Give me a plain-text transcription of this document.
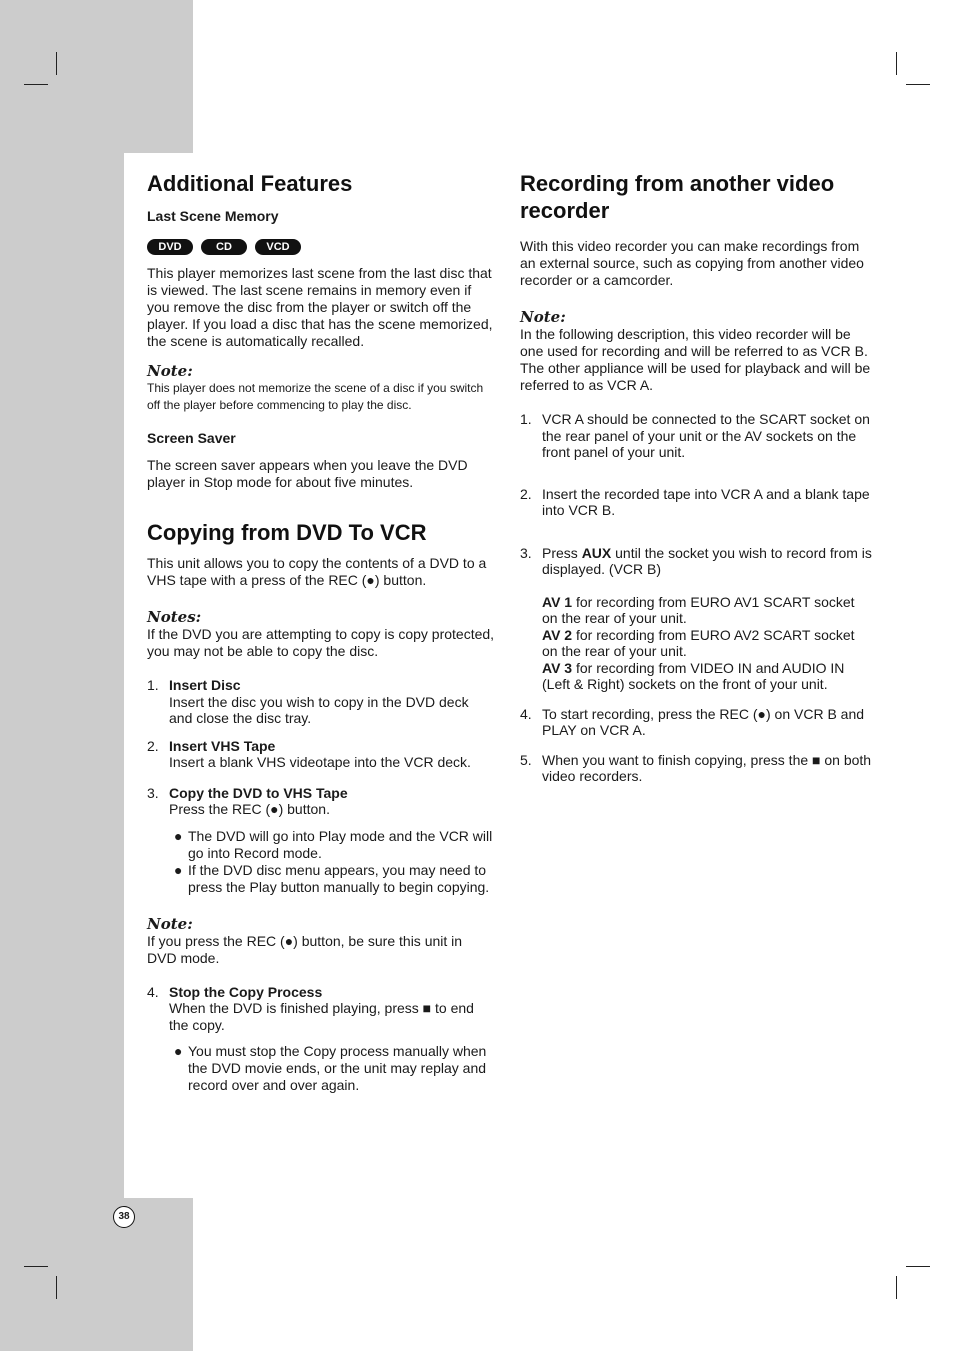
Additional Features
Last Scene Memory
DVD	CD	VCD

This player memorizes last scene from the last disc that is viewed. The last scene remains in memory even if you remove the disc from the player or switch off the player. If you load a disc that has the scene memorized, the scene is automatically recalled.

Note:

This player does not memorize the scene of a disc if you switch off the player before commencing to play the disc.

Screen Saver

The screen saver appears when you leave the DVD player in Stop mode for about five minutes.

Copying from DVD To VCR

This unit allows you to copy the contents of a DVD to a VHS tape with a press of the REC (●) button.

Notes:

If the DVD you are attempting to copy is copy protected, you may not be able to copy the disc.

1. Insert Disc
Insert the disc you wish to copy in the DVD deck and close the disc tray.
2. Insert VHS Tape
Insert a blank VHS videotape into the VCR deck.
3. Copy the DVD to VHS Tape
Press the REC (●) button.
● The DVD will go into Play mode and the VCR will go into Record mode.
● If the DVD disc menu appears, you may need to press the Play button manually to begin copying.
Note:

If you press the REC (●) button, be sure this unit in DVD mode.

4. Stop the Copy Process
When the DVD is finished playing, press ■ to end the copy.
● You must stop the Copy process manually when the DVD movie ends, or the unit may replay and record over and over again.
Recording from another video recorder

With this video recorder you can make recordings from an external source, such as copying from another video recorder or a camcorder.

Note:

In the following description, this video recorder will be one used for recording and will be referred to as VCR B. The other appliance will be used for playback and will be referred to as VCR A.

1. VCR A should be connected to the SCART socket on the rear panel of your unit or the AV sockets on the front panel of your unit.
2. Insert the recorded tape into VCR A and a blank tape into VCR B.
3. Press AUX until the socket you wish to record from is displayed. (VCR B)
AV 1 for recording from EURO AV1 SCART socket on the rear of your unit.
AV 2 for recording from EURO AV2 SCART socket on the rear of your unit.
AV 3 for recording from VIDEO IN and AUDIO IN (Left & Right) sockets on the front of your unit.
4. To start recording, press the REC (●) on VCR B and PLAY on VCR A.
5. When you want to finish copying, press the ■ on both video recorders.
38
